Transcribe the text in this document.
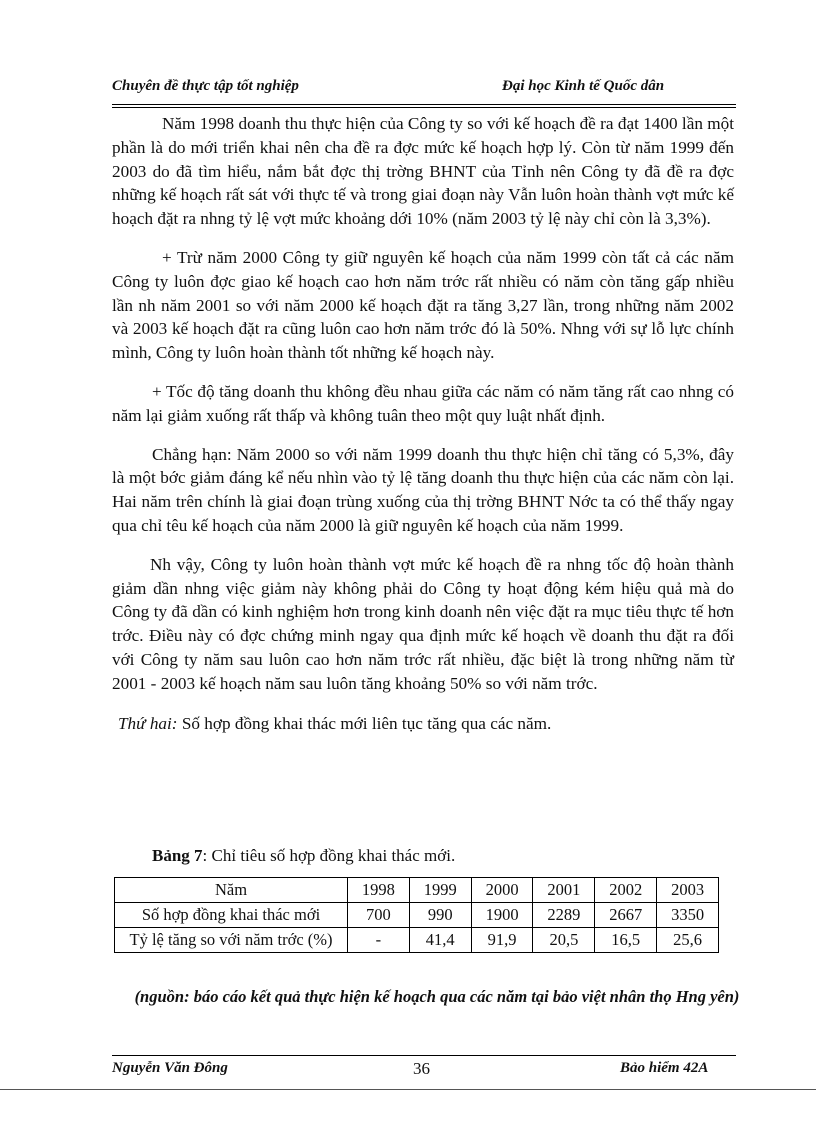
Chuyên đề thực tập tốt nghiệp	Đại học Kinh tế Quốc dân

Năm 1998 doanh thu thực hiện của Công ty so với kế hoạch đề ra đạt 1400 lần một phần là do mới triển khai nên cha đề ra đợc mức kế hoạch hợp lý. Còn từ năm 1999 đến 2003 do đã tìm hiểu, nắm bắt đợc thị trờng BHNT của Tỉnh nên Công ty đã đề ra đợc những kế hoạch rất sát với thực tế và trong giai đoạn này Vẫn luôn hoàn thành vợt mức kế hoạch đặt ra nhng tỷ lệ vợt mức khoảng dới 10% (năm 2003 tỷ lệ này chỉ còn là 3,3%).

+ Trừ năm 2000 Công ty giữ nguyên kế hoạch của năm 1999 còn tất cả các năm Công ty luôn đợc giao kế hoạch cao hơn năm trớc rất nhiều có năm còn tăng gấp nhiều lần nh năm 2001 so với năm 2000 kế hoạch đặt ra tăng 3,27 lần, trong những năm 2002 và 2003 kế hoạch đặt ra cũng luôn cao hơn năm trớc đó là 50%. Nhng với sự lỗ lực chính mình, Công ty luôn hoàn thành tốt những kế hoạch này.

+ Tốc độ tăng doanh thu không đều nhau giữa các năm có năm tăng rất cao nhng có năm lại giảm xuống rất thấp và không tuân theo một quy luật nhất định.

Chẳng hạn: Năm 2000 so với năm 1999 doanh thu thực hiện chỉ tăng có 5,3%, đây là một bớc giảm đáng kể nếu nhìn vào tỷ lệ tăng doanh thu thực hiện của các năm còn lại. Hai năm trên chính là giai đoạn trùng xuống của thị trờng BHNT Nớc ta có thể thấy ngay qua chỉ têu kế hoạch của năm 2000 là giữ nguyên kế hoạch của năm 1999.

Nh vậy, Công ty luôn hoàn thành vợt mức kế hoạch đề ra nhng tốc độ hoàn thành giảm dần nhng việc giảm này không phải do Công ty hoạt động kém hiệu quả mà do Công ty đã dần có kinh nghiệm hơn trong kinh doanh nên việc đặt ra mục tiêu thực tế hơn trớc. Điều này có đợc chứng minh ngay qua định mức kế hoạch về doanh thu đặt ra đối với Công ty năm sau luôn cao hơn năm trớc rất nhiều, đặc biệt là trong những năm từ 2001 - 2003 kế hoạch năm sau luôn tăng khoảng 50% so với năm trớc.

Thứ hai: Số hợp đồng khai thác mới liên tục tăng qua các năm.

Bảng 7: Chỉ tiêu số hợp đồng khai thác mới.
Năm	1998	1999	2000	2001	2002	2003
Số hợp đồng khai thác mới	700	990	1900	2289	2667	3350
Tỷ lệ tăng so với năm trớc (%)	-	41,4	91,9	20,5	16,5	25,6
(nguồn: báo cáo kết quả thực hiện kế hoạch qua các năm tại bảo việt nhân thọ Hng yên)
Nguyễn Văn Đông	36	Bảo hiểm 42A
